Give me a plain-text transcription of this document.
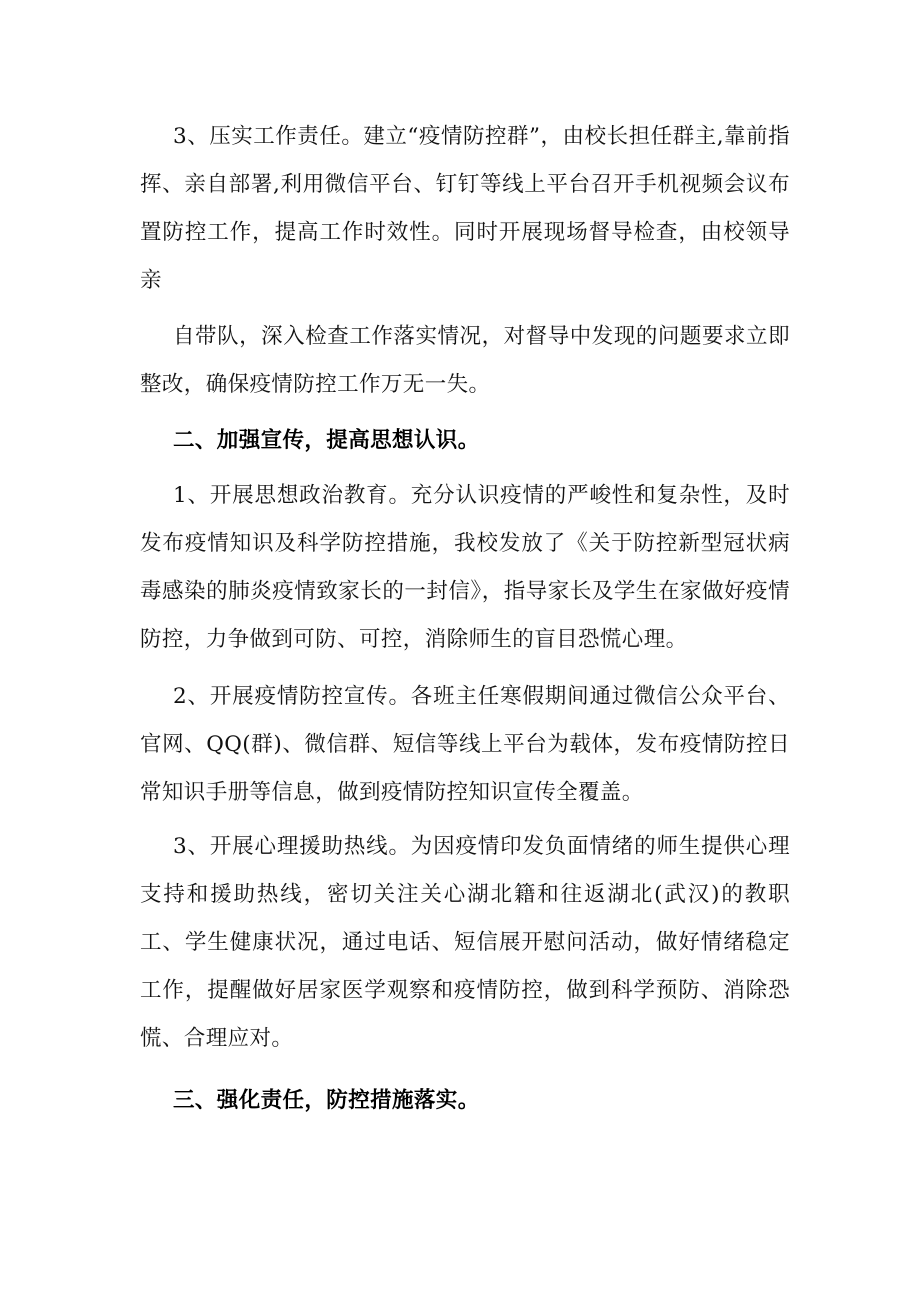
3、压实工作责任。建立“疫情防控群”，由校长担任群主,靠前指挥、亲自部署,利用微信平台、钉钉等线上平台召开手机视频会议布置防控工作，提高工作时效性。同时开展现场督导检查，由校领导亲

自带队，深入检查工作落实情况，对督导中发现的问题要求立即整改，确保疫情防控工作万无一失。

二、加强宣传，提高思想认识。

1、开展思想政治教育。充分认识疫情的严峻性和复杂性，及时发布疫情知识及科学防控措施，我校发放了《关于防控新型冠状病毒感染的肺炎疫情致家长的一封信》，指导家长及学生在家做好疫情防控，力争做到可防、可控，消除师生的盲目恐慌心理。

2、开展疫情防控宣传。各班主任寒假期间通过微信公众平台、官网、QQ(群)、微信群、短信等线上平台为载体，发布疫情防控日常知识手册等信息，做到疫情防控知识宣传全覆盖。

3、开展心理援助热线。为因疫情印发负面情绪的师生提供心理支持和援助热线，密切关注关心湖北籍和往返湖北(武汉)的教职工、学生健康状况，通过电话、短信展开慰问活动，做好情绪稳定工作，提醒做好居家医学观察和疫情防控，做到科学预防、消除恐慌、合理应对。

三、强化责任，防控措施落实。
